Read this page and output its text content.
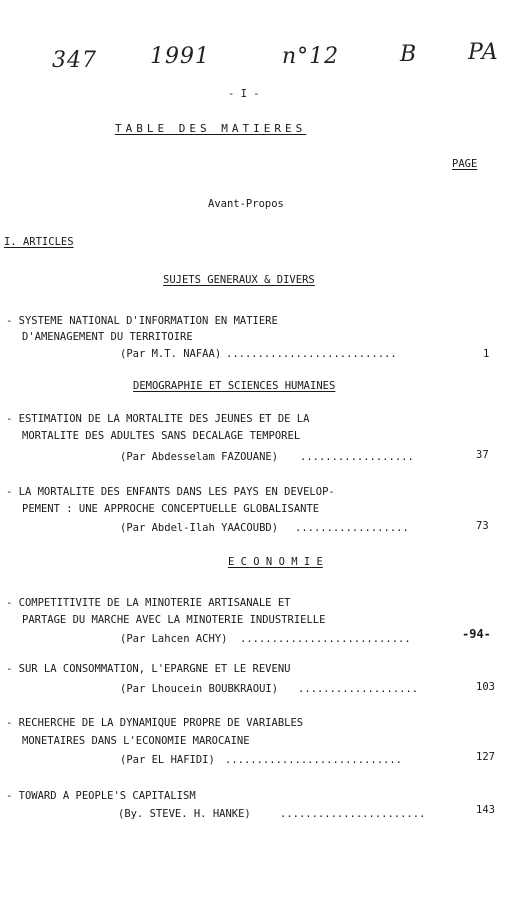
347 1991	n°12	B PA
- I -
TABLE DES MATIERES
PAGE
Avant-Propos
I. ARTICLES
SUJETS GENERAUX & DIVERS
DEMOGRAPHIE ET SCIENCES HUMAINES
E C O N O M I E
- SYSTEME NATIONAL D'INFORMATION EN MATIERE
D'AMENAGEMENT DU TERRITOIRE
(Par M.T. NAFAA) ...........................	1
- ESTIMATION DE LA MORTALITE DES JEUNES ET DE LA
MORTALITE DES ADULTES SANS DECALAGE TEMPOREL
(Par Abdesselam FAZOUANE) ..................	37
- LA MORTALITE DES ENFANTS DANS LES PAYS EN DEVELOP-
PEMENT : UNE APPROCHE CONCEPTUELLE GLOBALISANTE
(Par Abdel-Ilah YAACOUBD) ..................	73
- COMPETITIVITE DE LA MINOTERIE ARTISANALE ET
PARTAGE DU MARCHE AVEC LA MINOTERIE INDUSTRIELLE
(Par Lahcen ACHY) ...........................	-94-
- SUR LA CONSOMMATION, L'EPARGNE ET LE REVENU
(Par Lhoucein BOUBKRAOUI) ...................	103
- RECHERCHE DE LA DYNAMIQUE PROPRE DE VARIABLES
MONETAIRES DANS L'ECONOMIE MAROCAINE
(Par EL HAFIDI) ............................	127
- TOWARD A PEOPLE'S CAPITALISM
(By. STEVE. H. HANKE)	.......................	143
